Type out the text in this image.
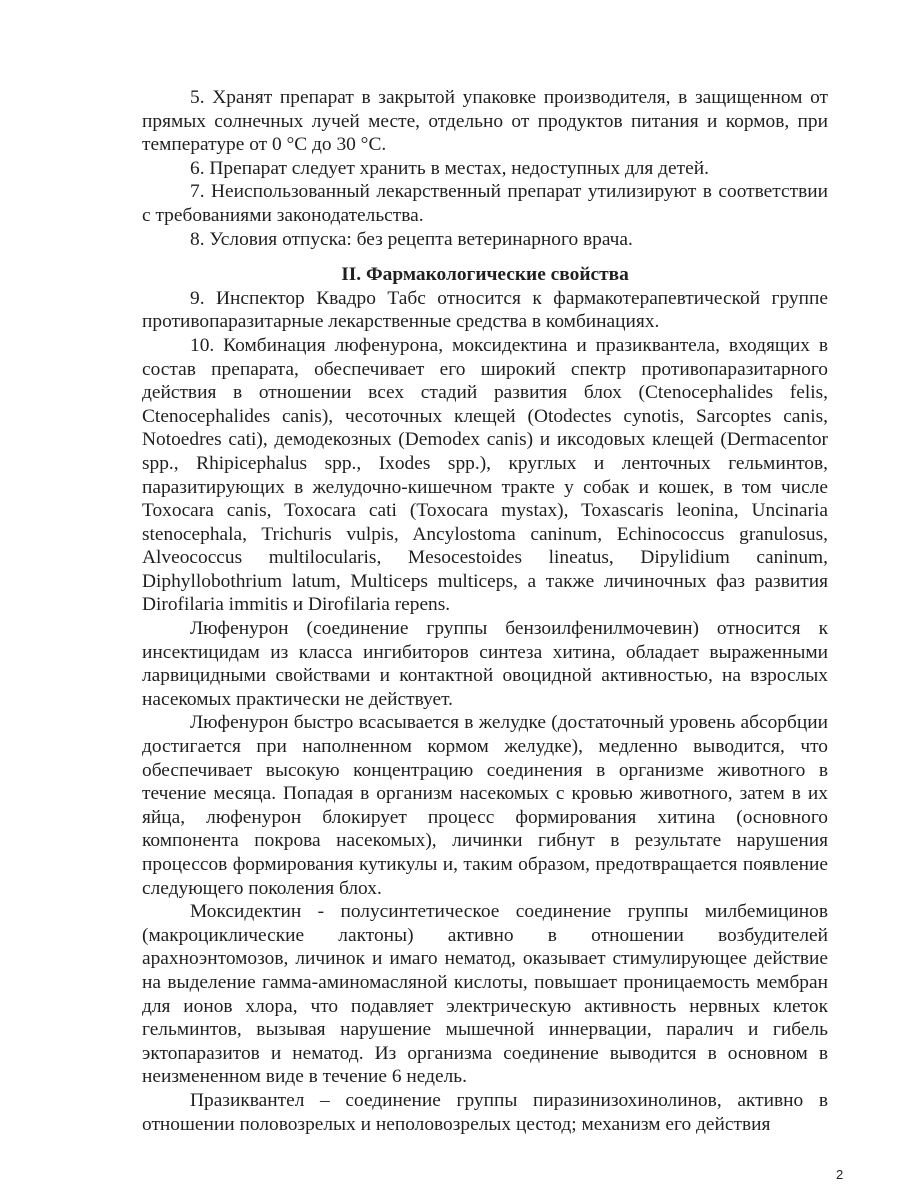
5. Хранят препарат в закрытой упаковке производителя, в защищенном от прямых солнечных лучей месте, отдельно от продуктов питания и кормов, при температуре от 0 °С до 30 °С.

6. Препарат следует хранить в местах, недоступных для детей.

7. Неиспользованный лекарственный препарат утилизируют в соответствии с требованиями законодательства.

8. Условия отпуска: без рецепта ветеринарного врача.

II. Фармакологические свойства

9. Инспектор Квадро Табс относится к фармакотерапевтической группе противопаразитарные лекарственные средства в комбинациях.

10. Комбинация люфенурона, моксидектина и празиквантела, входящих в состав препарата, обеспечивает его широкий спектр противопаразитарного действия в отношении всех стадий развития блох (Ctenocephalides felis, Ctenocephalides canis), чесоточных клещей (Otodectes cynotis, Sarcoptes canis, Notoedres cati), демодекозных (Demodex canis) и иксодовых клещей (Dermacentor spp., Rhipicephalus spp., Ixodes spp.), круглых и ленточных гельминтов, паразитирующих в желудочно-кишечном тракте у собак и кошек, в том числе Toxocara canis, Toxocara cati (Toxocara mystax), Toxascaris leonina, Uncinaria stenocephala, Trichuris vulpis, Ancylostoma caninum, Echinococcus granulosus, Alveococcus multilocularis, Mesocestoides lineatus, Dipylidium caninum, Diphyllobothrium latum, Multiceps multiceps, а также личиночных фаз развития Dirofilaria immitis и Dirofilaria repens.

Люфенурон (соединение группы бензоилфенилмочевин) относится к инсектицидам из класса ингибиторов синтеза хитина, обладает выраженными ларвицидными свойствами и контактной овоцидной активностью, на взрослых насекомых практически не действует.

Люфенурон быстро всасывается в желудке (достаточный уровень абсорбции достигается при наполненном кормом желудке), медленно выводится, что обеспечивает высокую концентрацию соединения в организме животного в течение месяца. Попадая в организм насекомых с кровью животного, затем в их яйца, люфенурон блокирует процесс формирования хитина (основного компонента покрова насекомых), личинки гибнут в результате нарушения процессов формирования кутикулы и, таким образом, предотвращается появление следующего поколения блох.

Моксидектин - полусинтетическое соединение группы милбемицинов (макроциклические лактоны) активно в отношении возбудителей арахноэнтомозов, личинок и имаго нематод, оказывает стимулирующее действие на выделение гамма-аминомасляной кислоты, повышает проницаемость мембран для ионов хлора, что подавляет электрическую активность нервных клеток гельминтов, вызывая нарушение мышечной иннервации, паралич и гибель эктопаразитов и нематод. Из организма соединение выводится в основном в неизмененном виде в течение 6 недель.

Празиквантел – соединение группы пиразинизохинолинов, активно в отношении половозрелых и неполовозрелых цестод; механизм его действия

2
